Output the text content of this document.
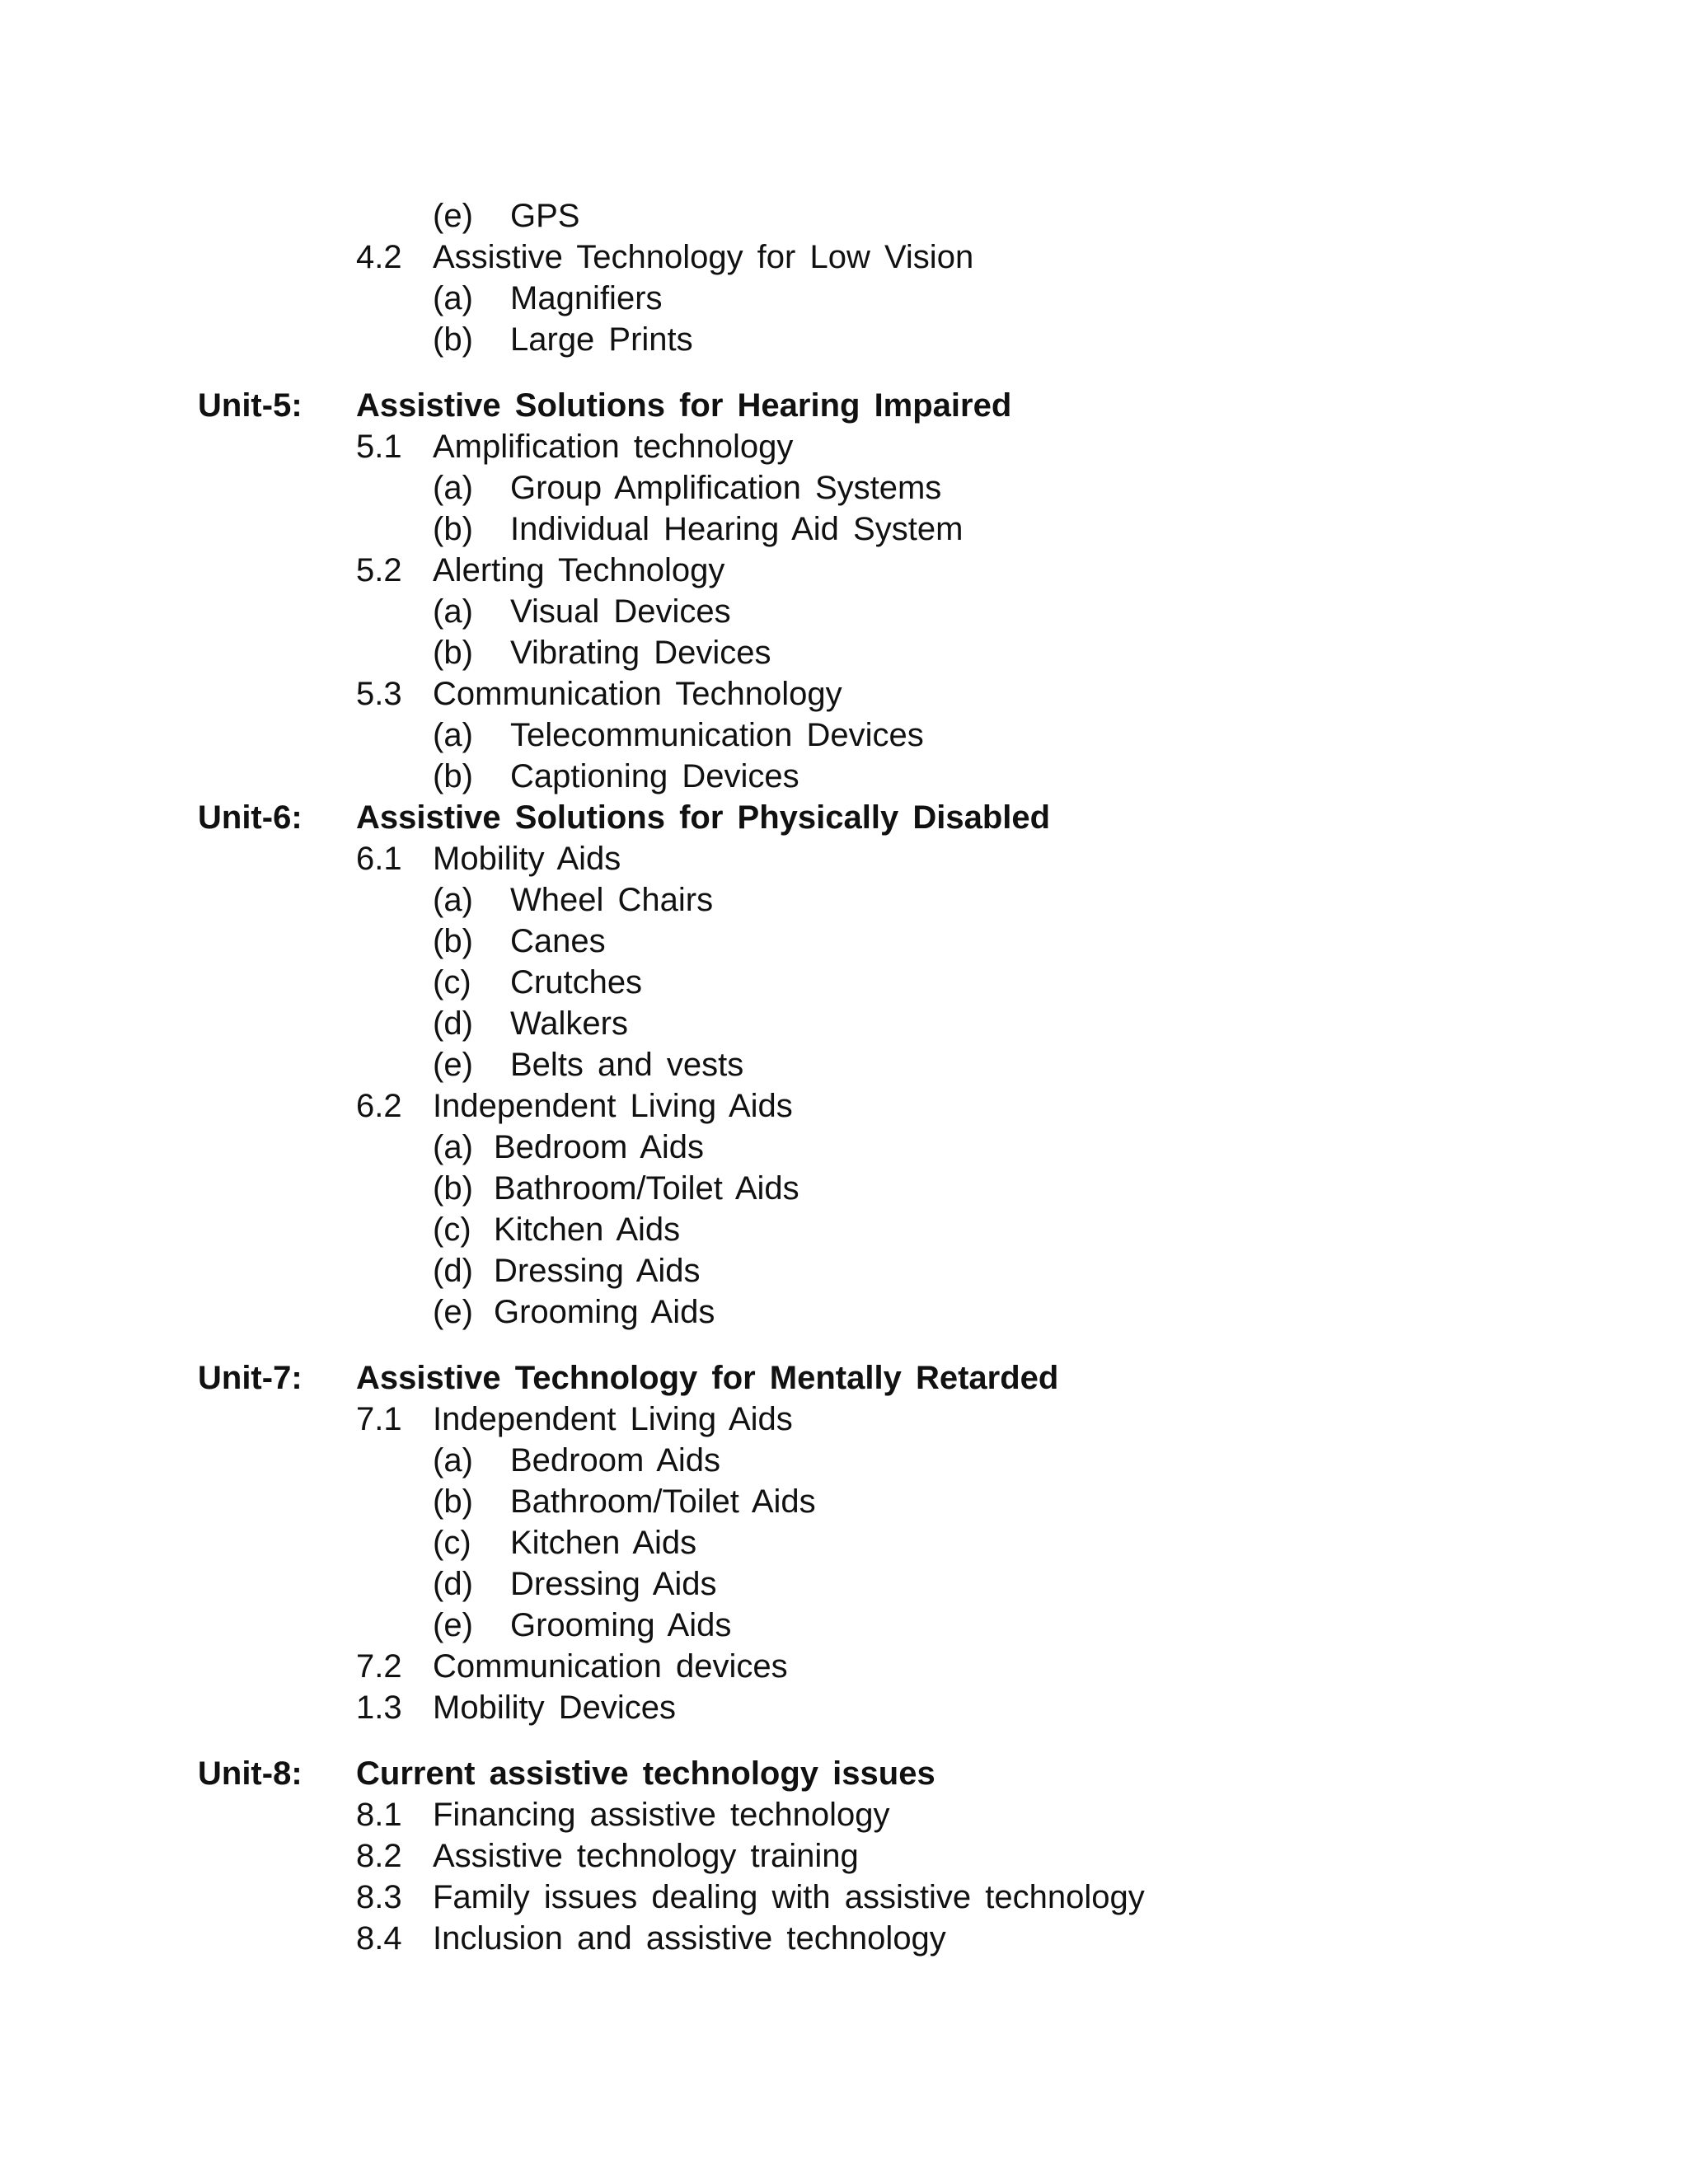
(e) GPS
4.2 Assistive Technology for Low Vision
(a) Magnifiers
(b) Large Prints
Unit-5: Assistive Solutions for Hearing Impaired
5.1 Amplification technology
(a) Group Amplification Systems
(b) Individual Hearing Aid System
5.2 Alerting Technology
(a) Visual Devices
(b) Vibrating Devices
5.3 Communication Technology
(a) Telecommunication Devices
(b) Captioning Devices
Unit-6: Assistive Solutions for Physically Disabled
6.1 Mobility Aids
(a) Wheel Chairs
(b) Canes
(c) Crutches
(d) Walkers
(e) Belts and vests
6.2 Independent Living Aids
(a) Bedroom Aids
(b) Bathroom/Toilet Aids
(c) Kitchen Aids
(d) Dressing Aids
(e) Grooming Aids
Unit-7: Assistive Technology for Mentally Retarded
7.1 Independent Living Aids
(a) Bedroom Aids
(b) Bathroom/Toilet Aids
(c) Kitchen Aids
(d) Dressing Aids
(e) Grooming Aids
7.2 Communication devices
1.3 Mobility Devices
Unit-8: Current assistive technology issues
8.1 Financing assistive technology
8.2 Assistive technology training
8.3 Family issues dealing with assistive technology
8.4 Inclusion and assistive technology
